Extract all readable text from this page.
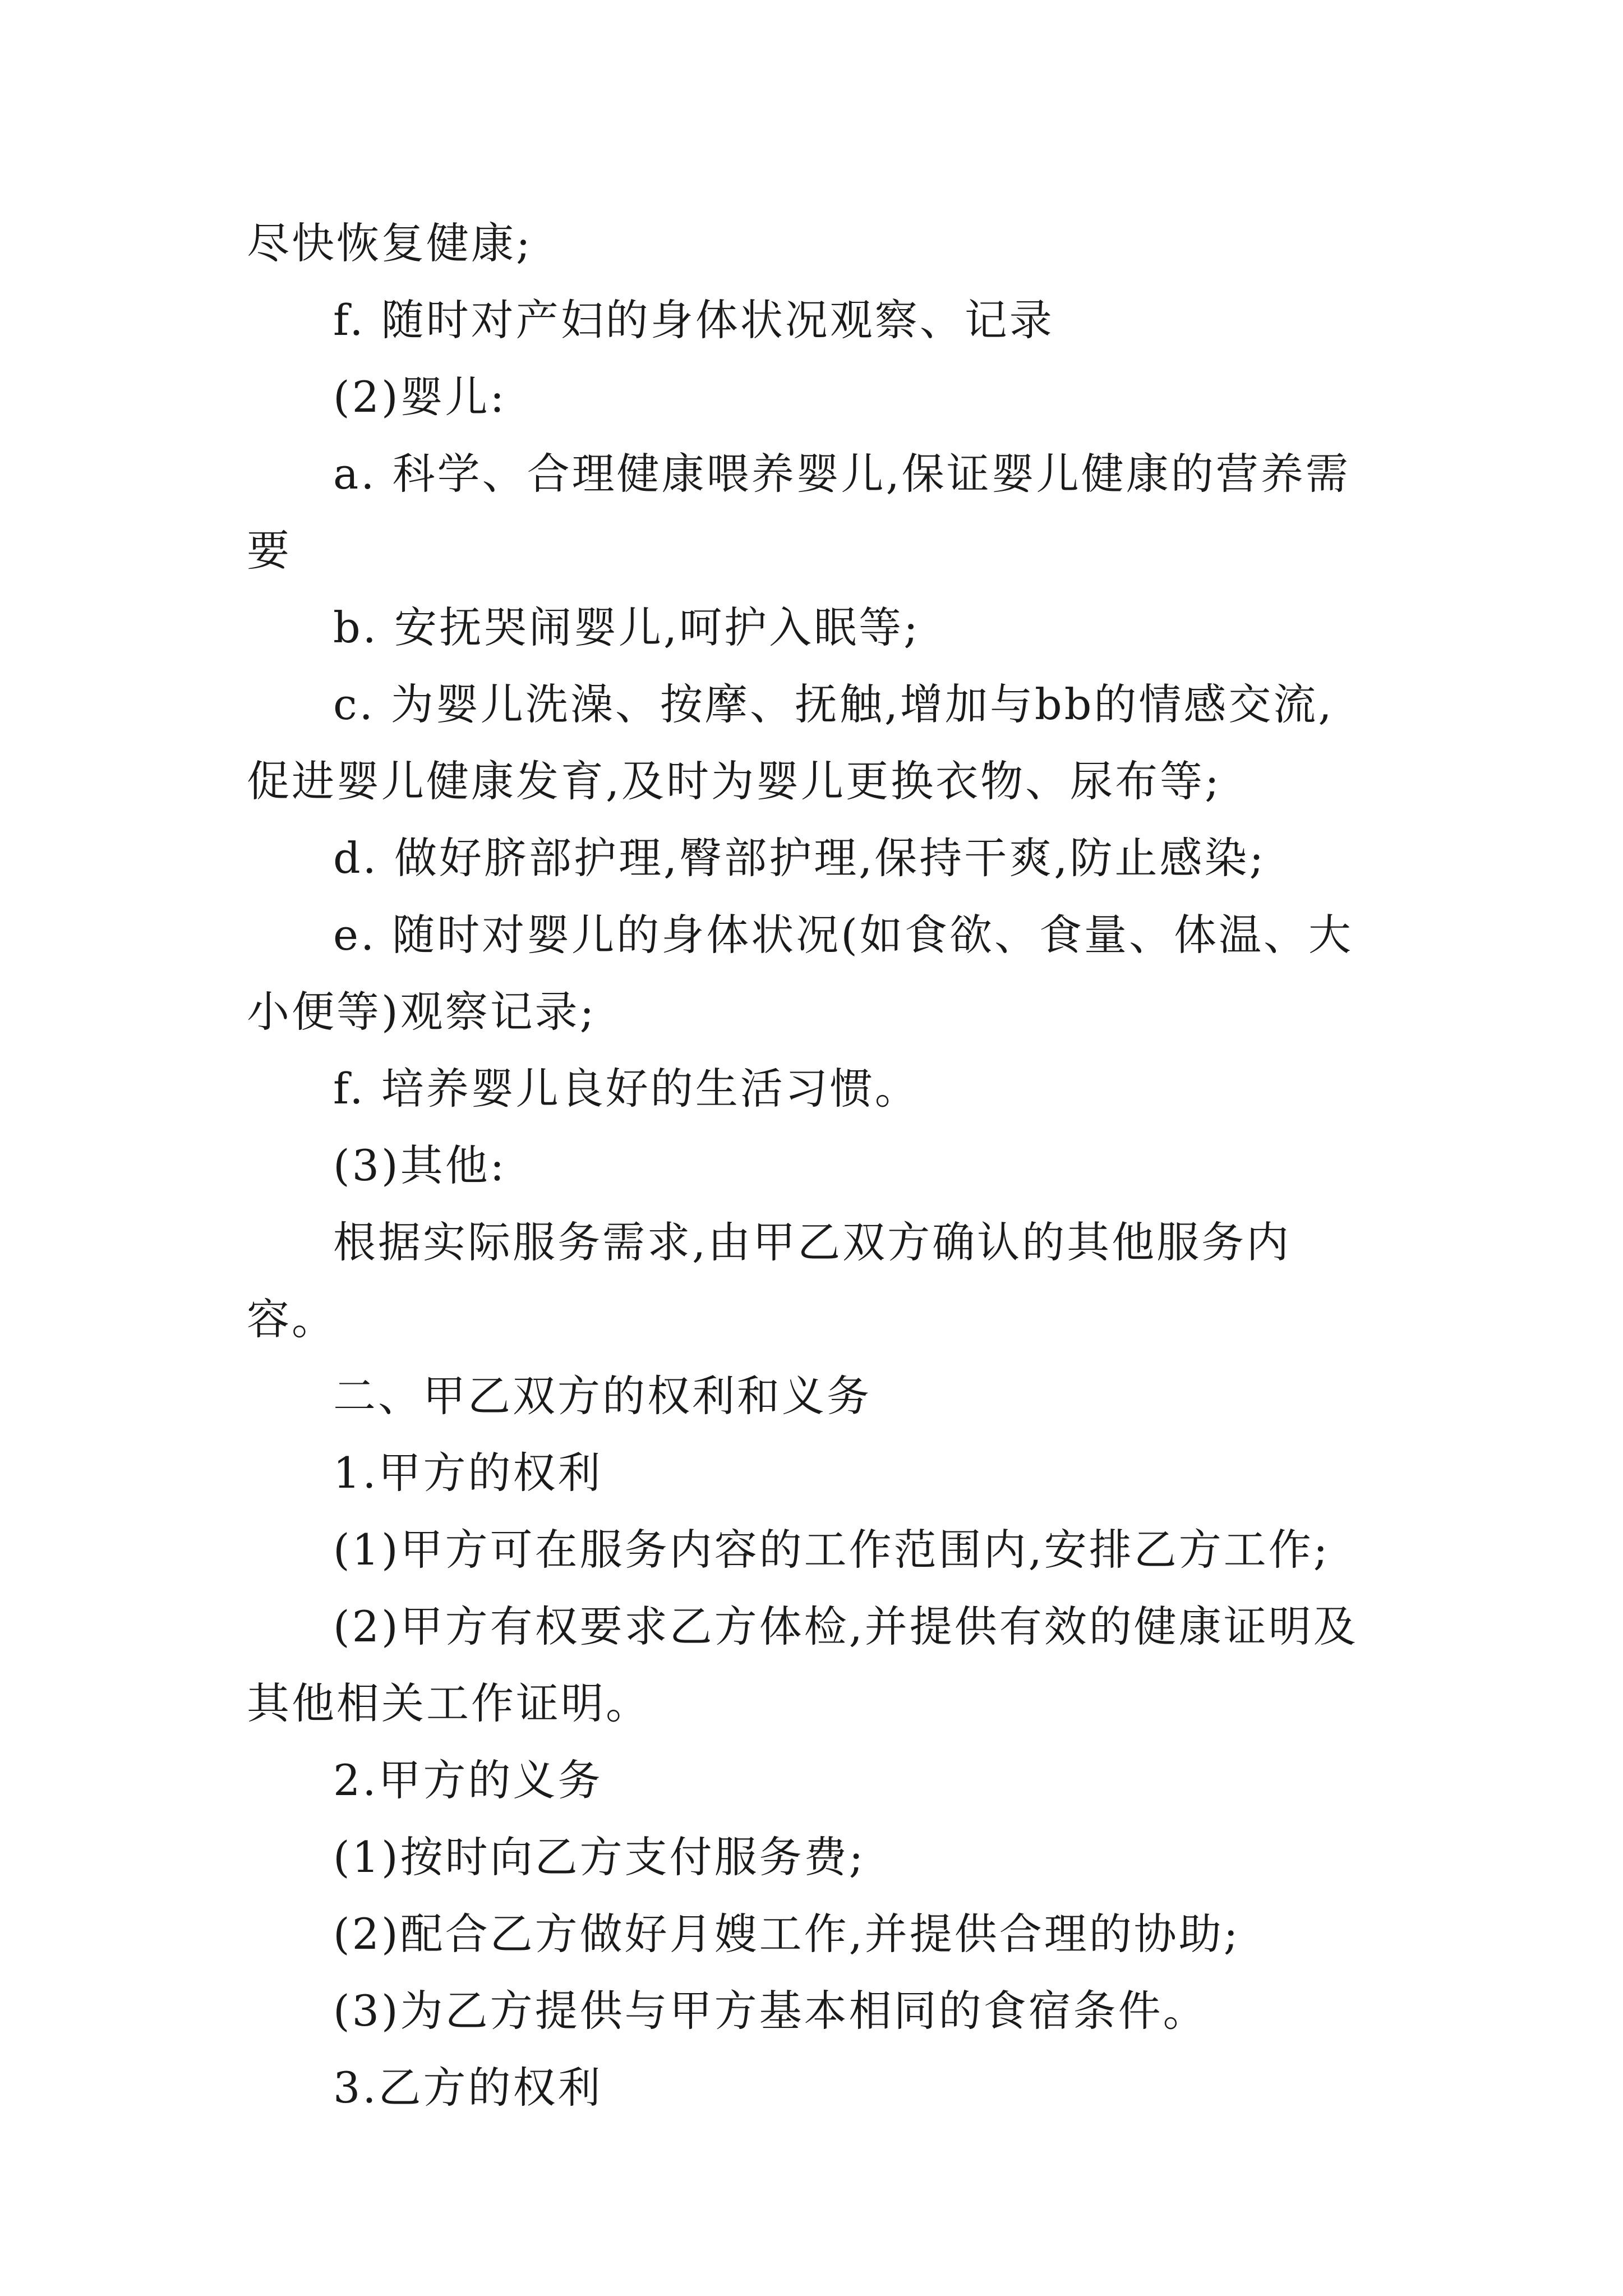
尽快恢复健康;

f. 随时对产妇的身体状况观察、记录

(2)婴儿:

a. 科学、合理健康喂养婴儿,保证婴儿健康的营养需要

b. 安抚哭闹婴儿,呵护入眠等;

c. 为婴儿洗澡、按摩、抚触,增加与bb的情感交流,促进婴儿健康发育,及时为婴儿更换衣物、尿布等;

d. 做好脐部护理,臀部护理,保持干爽,防止感染;

e. 随时对婴儿的身体状况(如食欲、食量、体温、大小便等)观察记录;

f. 培养婴儿良好的生活习惯。

(3)其他:

根据实际服务需求,由甲乙双方确认的其他服务内容。

二、甲乙双方的权利和义务

1.甲方的权利

(1)甲方可在服务内容的工作范围内,安排乙方工作;

(2)甲方有权要求乙方体检,并提供有效的健康证明及其他相关工作证明。

2.甲方的义务

(1)按时向乙方支付服务费;

(2)配合乙方做好月嫂工作,并提供合理的协助;

(3)为乙方提供与甲方基本相同的食宿条件。

3.乙方的权利
